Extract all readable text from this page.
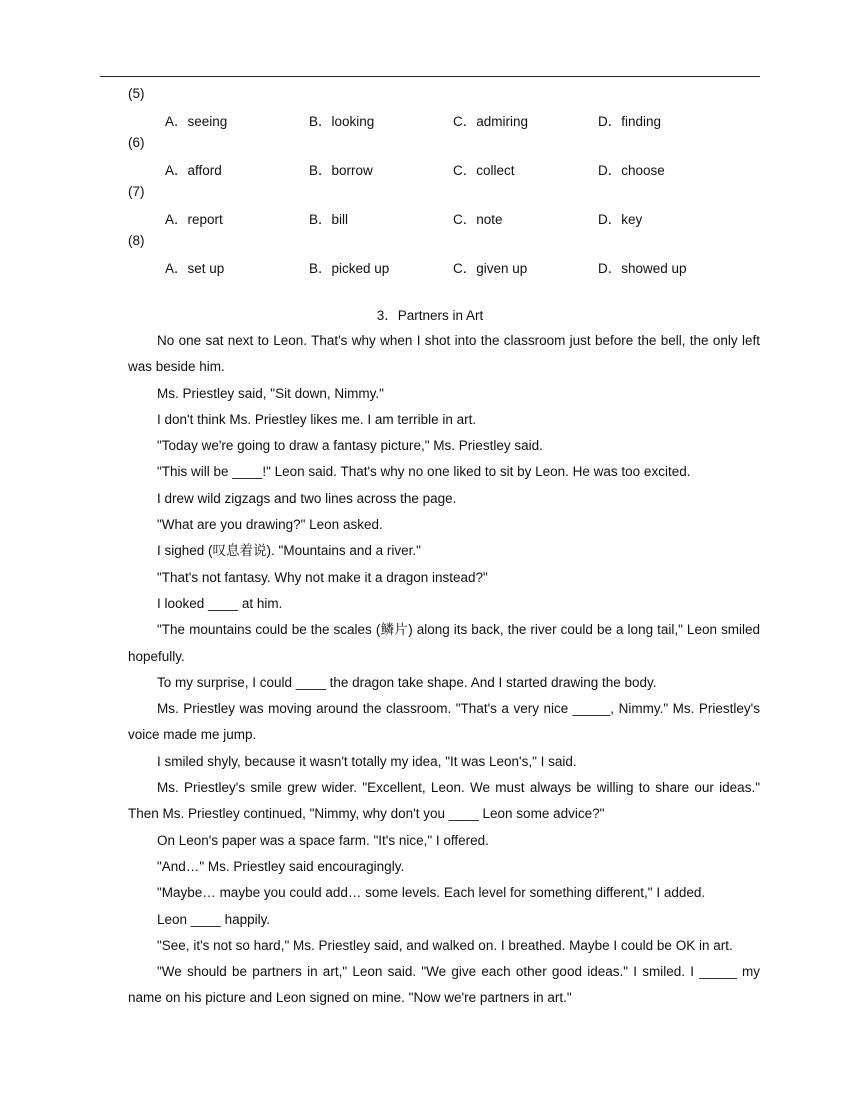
(5)
A．seeing	B．looking	C．admiring	D．finding
(6)
A．afford	B．borrow	C．collect	D．choose
(7)
A．report	B．bill	C．note	D．key
(8)
A．set up	B．picked up	C．given up	D．showed up
3．Partners in Art

No one sat next to Leon. That's why when I shot into the classroom just before the bell, the only left was beside him.

Ms. Priestley said, "Sit down, Nimmy."

I don't think Ms. Priestley likes me. I am terrible in art.

"Today we're going to draw a fantasy picture," Ms. Priestley said.

"This will be ____!" Leon said. That's why no one liked to sit by Leon. He was too excited.

I drew wild zigzags and two lines across the page.

"What are you drawing?" Leon asked.

I sighed (叹息着说). "Mountains and a river."

"That's not fantasy. Why not make it a dragon instead?"

I looked ____ at him.

"The mountains could be the scales (鳞片) along its back, the river could be a long tail," Leon smiled hopefully.

To my surprise, I could ____ the dragon take shape. And I started drawing the body.

Ms. Priestley was moving around the classroom. "That's a very nice _____, Nimmy." Ms. Priestley's voice made me jump.

I smiled shyly, because it wasn't totally my idea, "It was Leon's," I said.

Ms. Priestley's smile grew wider. "Excellent, Leon. We must always be willing to share our ideas." Then Ms. Priestley continued, "Nimmy, why don't you ____ Leon some advice?"

On Leon's paper was a space farm. "It's nice," I offered.

"And…" Ms. Priestley said encouragingly.

"Maybe… maybe you could add… some levels. Each level for something different," I added.

Leon ____ happily.

"See, it's not so hard," Ms. Priestley said, and walked on. I breathed. Maybe I could be OK in art.

"We should be partners in art," Leon said. "We give each other good ideas." I smiled. I _____ my name on his picture and Leon signed on mine. "Now we're partners in art."
